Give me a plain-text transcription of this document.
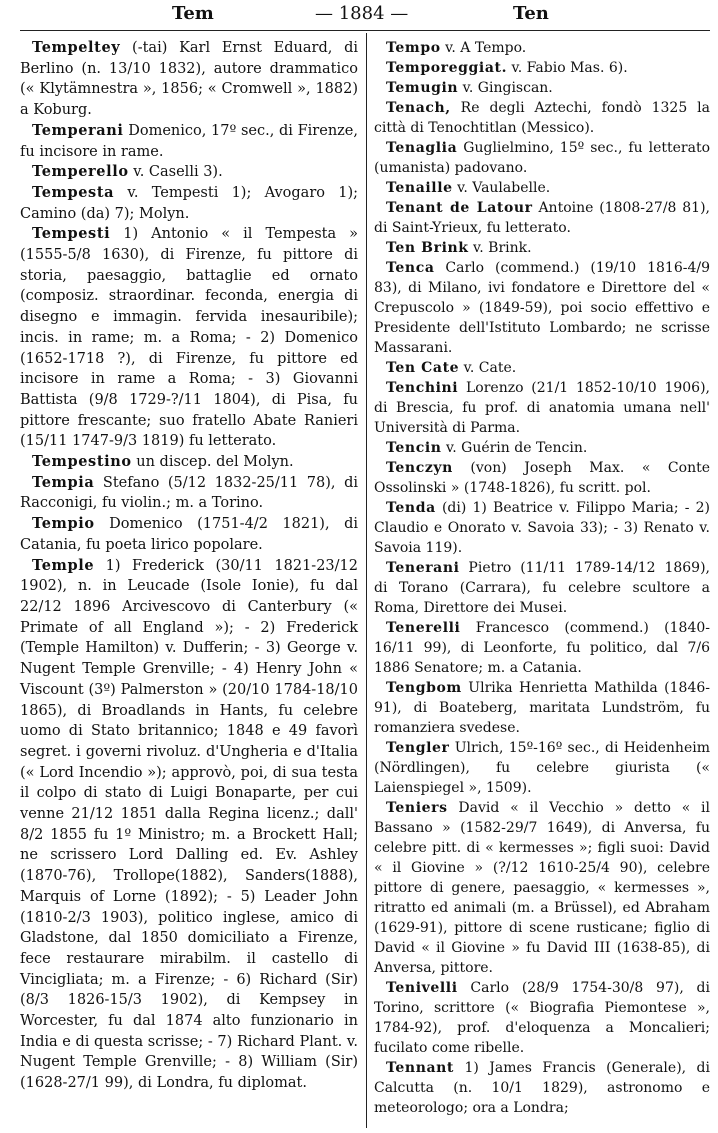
Tem	— 1884 —	Ten

Tempeltey (-tai) Karl Ernst Eduard, di Berlino (n. 13/10 1832), autore drammatico (« Klytämnestra », 1856; « Cromwell », 1882) a Koburg.

Temperani Domenico, 17º sec., di Firenze, fu incisore in rame.

Temperello v. Caselli 3).

Tempesta v. Tempesti 1); Avogaro 1); Camino (da) 7); Molyn.

Tempesti 1) Antonio « il Tempesta » (1555-5/8 1630), di Firenze, fu pittore di storia, paesaggio, battaglie ed ornato (composiz. straordinar. feconda, energia di disegno e immagin. fervida inesauribile); incis. in rame; m. a Roma; - 2) Domenico (1652-1718 ?), di Firenze, fu pittore ed incisore in rame a Roma; - 3) Giovanni Battista (9/8 1729-?/11 1804), di Pisa, fu pittore frescante; suo fratello Abate Ranieri (15/11 1747-9/3 1819) fu letterato.

Tempestino un discep. del Molyn.

Tempia Stefano (5/12 1832-25/11 78), di Racconigi, fu violin.; m. a Torino.

Tempio Domenico (1751-4/2 1821), di Catania, fu poeta lirico popolare.

Temple 1) Frederick (30/11 1821-23/12 1902), n. in Leucade (Isole Ionie), fu dal 22/12 1896 Arcivescovo di Canterbury (« Primate of all England »); - 2) Frederick (Temple Hamilton) v. Dufferin; - 3) George v. Nugent Temple Grenville; - 4) Henry John « Viscount (3º) Palmerston » (20/10 1784-18/10 1865), di Broadlands in Hants, fu celebre uomo di Stato britannico; 1848 e 49 favorì segret. i governi rivoluz. d'Ungheria e d'Italia (« Lord Incendio »); approvò, poi, di sua testa il colpo di stato di Luigi Bonaparte, per cui venne 21/12 1851 dalla Regina licenz.; dall' 8/2 1855 fu 1º Ministro; m. a Brockett Hall; ne scrissero Lord Dalling ed. Ev. Ashley (1870-76), Trollope(1882), Sanders(1888), Marquis of Lorne (1892); - 5) Leader John (1810-2/3 1903), politico inglese, amico di Gladstone, dal 1850 domiciliato a Firenze, fece restaurare mirabilm. il castello di Vincigliata; m. a Firenze; - 6) Richard (Sir) (8/3 1826-15/3 1902), di Kempsey in Worcester, fu dal 1874 alto funzionario in India e di questa scrisse; - 7) Richard Plant. v. Nugent Temple Grenville; - 8) William (Sir) (1628-27/1 99), di Londra, fu diplomat.

Tempo v. A Tempo.

Temporeggiat. v. Fabio Mas. 6).

Temugin v. Gingiscan.

Tenach, Re degli Aztechi, fondò 1325 la città di Tenochtitlan (Messico).

Tenaglia Guglielmino, 15º sec., fu letterato (umanista) padovano.

Tenaille v. Vaulabelle.

Tenant de Latour Antoine (1808-27/8 81), di Saint-Yrieux, fu letterato.

Ten Brink v. Brink.

Tenca Carlo (commend.) (19/10 1816-4/9 83), di Milano, ivi fondatore e Direttore del « Crepuscolo » (1849-59), poi socio effettivo e Presidente dell'Istituto Lombardo; ne scrisse Massarani.

Ten Cate v. Cate.

Tenchini Lorenzo (21/1 1852-10/10 1906), di Brescia, fu prof. di anatomia umana nell' Università di Parma.

Tencin v. Guérin de Tencin.

Tenczyn (von) Joseph Max. « Conte Ossolinski » (1748-1826), fu scritt. pol.

Tenda (di) 1) Beatrice v. Filippo Maria; - 2) Claudio e Onorato v. Savoia 33); - 3) Renato v. Savoia 119).

Tenerani Pietro (11/11 1789-14/12 1869), di Torano (Carrara), fu celebre scultore a Roma, Direttore dei Musei.

Tenerelli Francesco (commend.) (1840-16/11 99), di Leonforte, fu politico, dal 7/6 1886 Senatore; m. a Catania.

Tengbom Ulrika Henrietta Mathilda (1846-91), di Boateberg, maritata Lundström, fu romanziera svedese.

Tengler Ulrich, 15º-16º sec., di Heidenheim (Nördlingen), fu celebre giurista (« Laienspiegel », 1509).

Teniers David « il Vecchio » detto « il Bassano » (1582-29/7 1649), di Anversa, fu celebre pitt. di « kermesses »; figli suoi: David « il Giovine » (?/12 1610-25/4 90), celebre pittore di genere, paesaggio, « kermesses », ritratto ed animali (m. a Brüssel), ed Abraham (1629-91), pittore di scene rusticane; figlio di David « il Giovine » fu David III (1638-85), di Anversa, pittore.

Tenivelli Carlo (28/9 1754-30/8 97), di Torino, scrittore (« Biografia Piemontese », 1784-92), prof. d'eloquenza a Moncalieri; fucilato come ribelle.

Tennant 1) James Francis (Generale), di Calcutta (n. 10/1 1829), astronomo e meteorologo; ora a Londra;
